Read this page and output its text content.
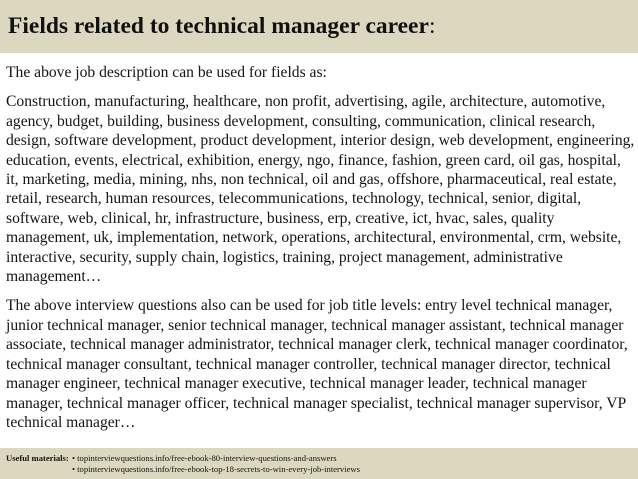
Fields related to technical manager career:

The above job description can be used for fields as:

Construction, manufacturing, healthcare, non profit, advertising, agile, architecture, automotive, agency, budget, building, business development, consulting, communication, clinical research, design, software development, product development, interior design, web development, engineering, education, events, electrical, exhibition, energy, ngo, finance, fashion, green card, oil gas, hospital, it, marketing, media, mining, nhs, non technical, oil and gas, offshore, pharmaceutical, real estate, retail, research, human resources, telecommunications, technology, technical, senior, digital, software, web, clinical, hr, infrastructure, business, erp, creative, ict, hvac, sales, quality management, uk, implementation, network, operations, architectural, environmental, crm, website, interactive, security, supply chain, logistics, training, project management, administrative management…

The above interview questions also can be used for job title levels: entry level technical manager, junior technical manager, senior technical manager, technical manager assistant, technical manager associate, technical manager administrator, technical manager clerk, technical manager coordinator, technical manager consultant, technical manager controller, technical manager director, technical manager engineer, technical manager executive, technical manager leader, technical manager manager, technical manager officer, technical manager specialist, technical manager supervisor, VP technical manager…

Useful materials: • topinterviewquestions.info/free-ebook-80-interview-questions-and-answers
• topinterviewquestions.info/free-ebook-top-18-secrets-to-win-every-job-interviews
